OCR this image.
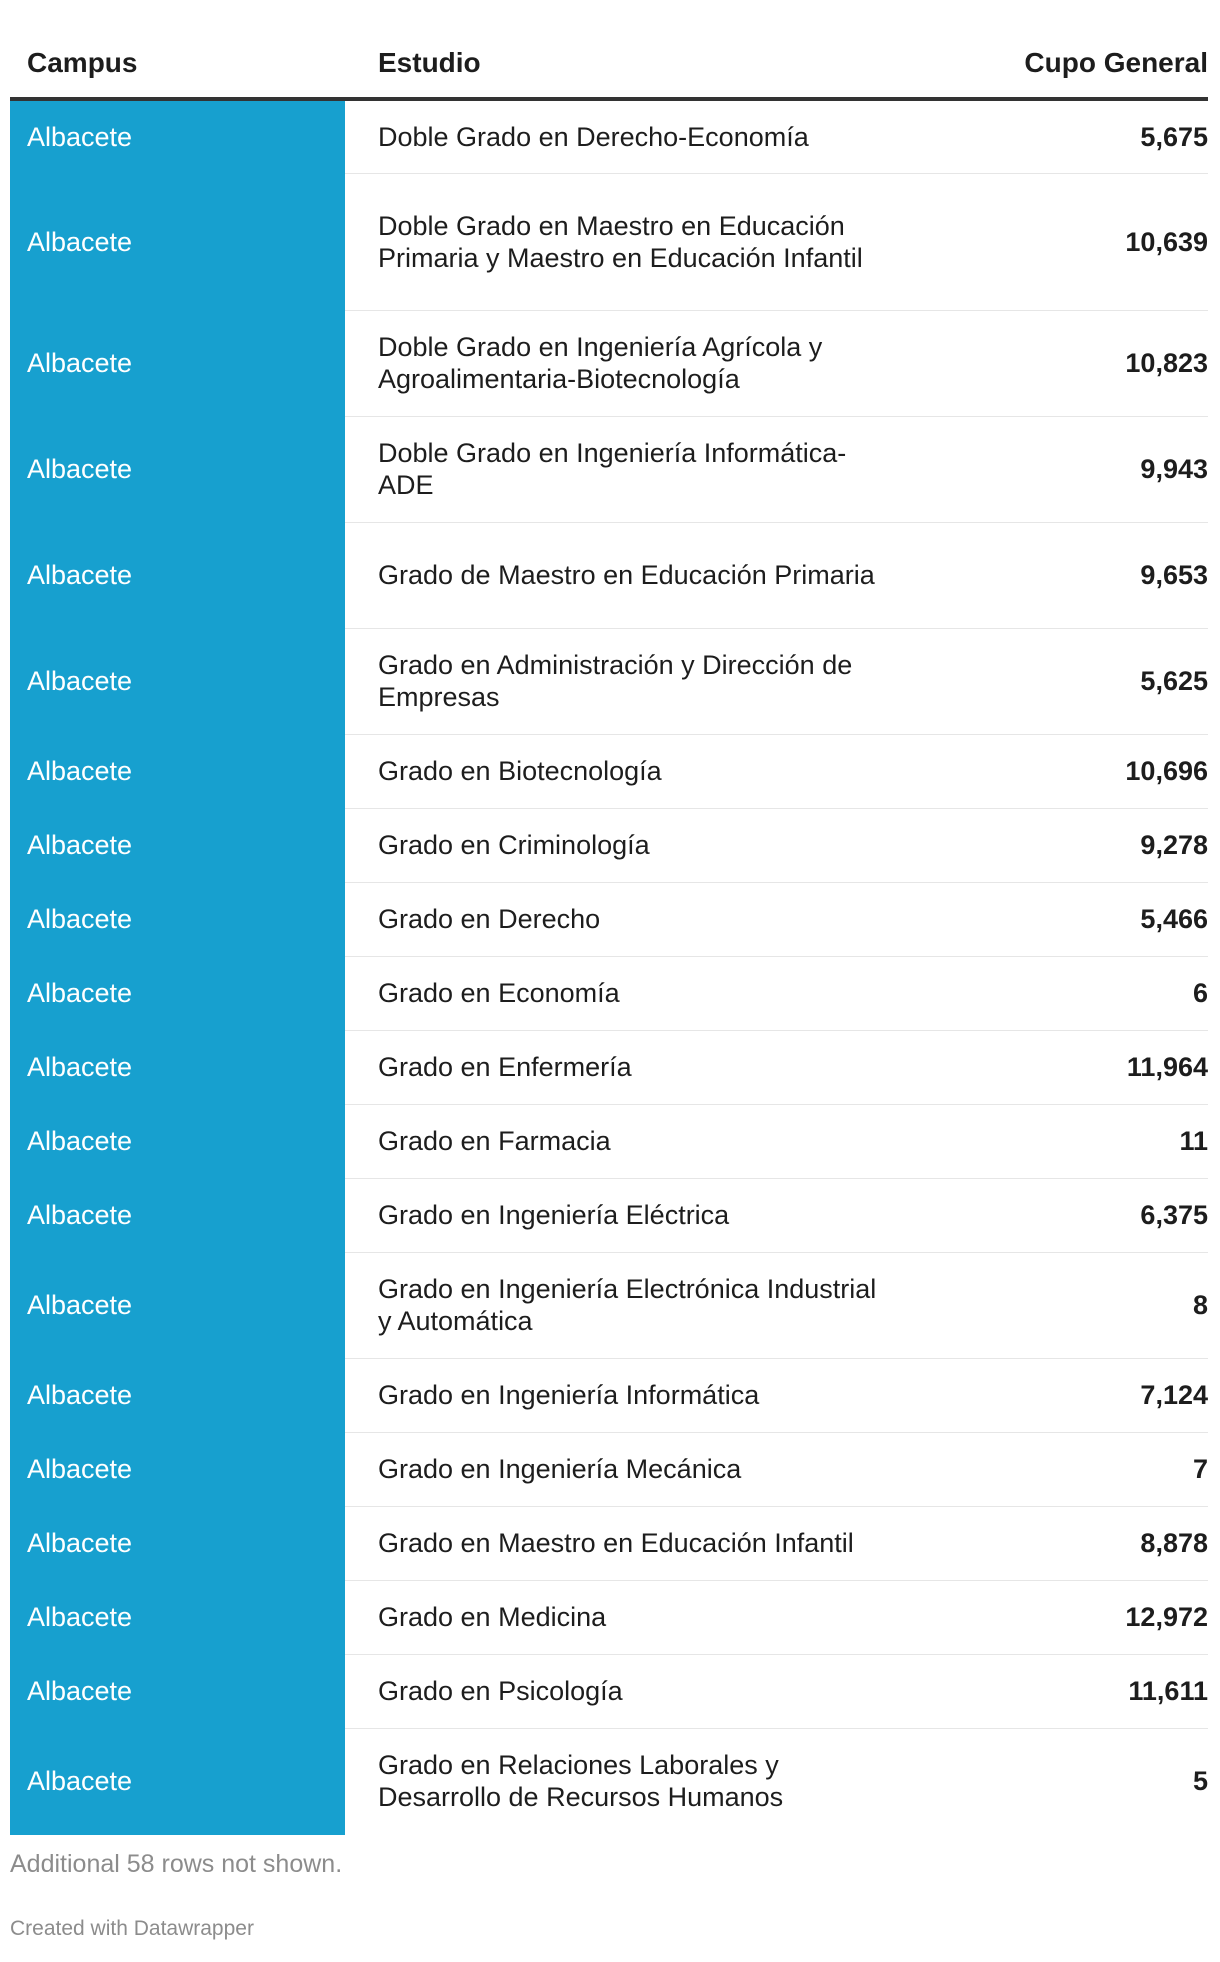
Campus	Estudio	Cupo General
Albacete	Doble Grado en Derecho-Economía	5,675
Albacete	Doble Grado en Maestro en Educación Primaria y Maestro en Educación Infantil	10,639
Albacete	Doble Grado en Ingeniería Agrícola y Agroalimentaria-Biotecnología	10,823
Albacete	Doble Grado en Ingeniería Informática-ADE	9,943
Albacete	Grado de Maestro en Educación Primaria	9,653
Albacete	Grado en Administración y Dirección de Empresas	5,625
Albacete	Grado en Biotecnología	10,696
Albacete	Grado en Criminología	9,278
Albacete	Grado en Derecho	5,466
Albacete	Grado en Economía	6
Albacete	Grado en Enfermería	11,964
Albacete	Grado en Farmacia	11
Albacete	Grado en Ingeniería Eléctrica	6,375
Albacete	Grado en Ingeniería Electrónica Industrial y Automática	8
Albacete	Grado en Ingeniería Informática	7,124
Albacete	Grado en Ingeniería Mecánica	7
Albacete	Grado en Maestro en Educación Infantil	8,878
Albacete	Grado en Medicina	12,972
Albacete	Grado en Psicología	11,611
Albacete	Grado en Relaciones Laborales y Desarrollo de Recursos Humanos	5
Additional 58 rows not shown.
Created with Datawrapper
